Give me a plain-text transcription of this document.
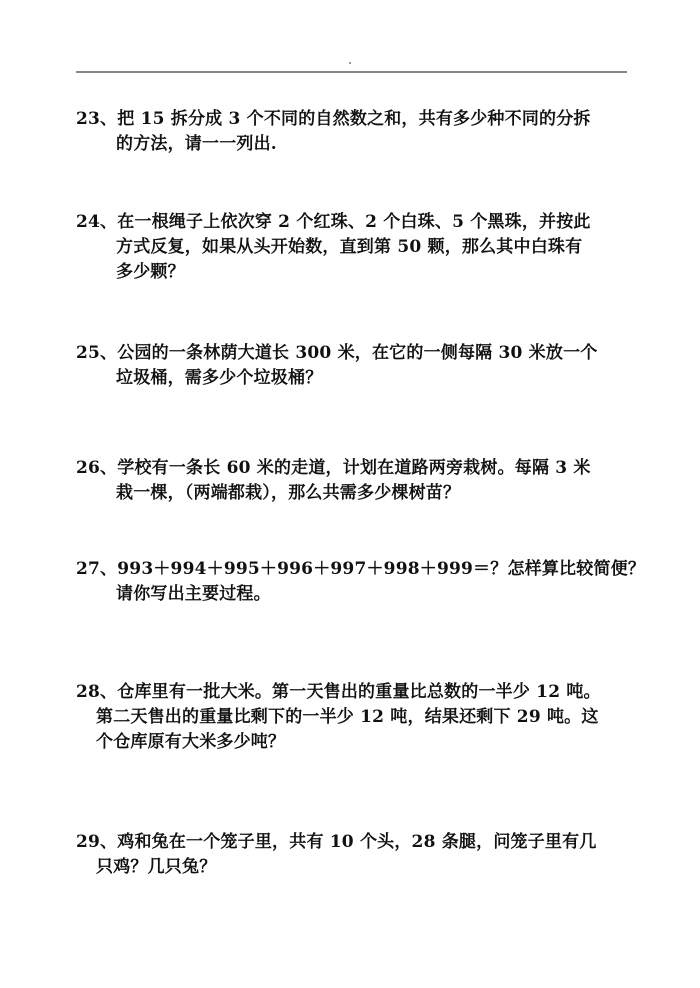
23、把 15 拆分成 3 个不同的自然数之和，共有多少种不同的分拆
的方法，请一一列出.
24、在一根绳子上依次穿 2 个红珠、2 个白珠、5 个黑珠，并按此
方式反复，如果从头开始数，直到第 50 颗，那么其中白珠有
多少颗？
25、公园的一条林荫大道长 300 米，在它的一侧每隔 30 米放一个
垃圾桶，需多少个垃圾桶？
26、学校有一条长 60 米的走道，计划在道路两旁栽树。每隔 3 米
栽一棵，（两端都栽），那么共需多少棵树苗？
27、993＋994＋995＋996＋997＋998＋999＝？怎样算比较简便？
请你写出主要过程。
28、仓库里有一批大米。第一天售出的重量比总数的一半少 12 吨。
第二天售出的重量比剩下的一半少 12 吨，结果还剩下 29 吨。这
个仓库原有大米多少吨？
29、鸡和兔在一个笼子里，共有 10 个头，28 条腿，问笼子里有几
只鸡？几只兔？
